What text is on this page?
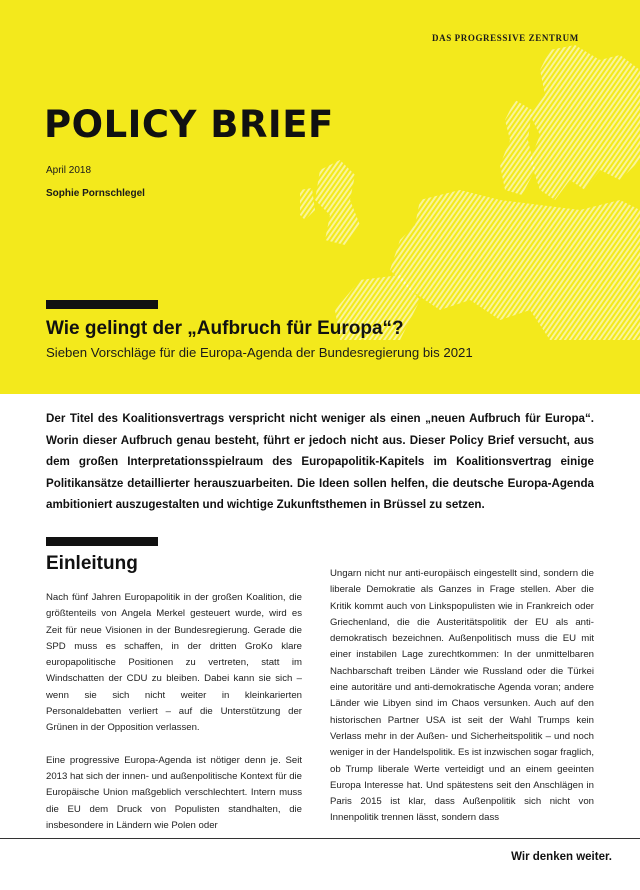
DAS PROGRESSIVE ZENTRUM
POLICY BRIEF
April 2018
Sophie Pornschlegel
Wie gelingt der „Aufbruch für Europa“?
Sieben Vorschläge für die Europa-Agenda der Bundesregierung bis 2021

Der Titel des Koalitionsvertrags verspricht nicht weniger als einen „neuen Aufbruch für Europa“. Worin dieser Aufbruch genau besteht, führt er jedoch nicht aus. Dieser Policy Brief versucht, aus dem großen Interpretationsspielraum des Europapolitik-Kapitels im Koalitionsvertrag einige Politikansätze detaillierter herauszuarbeiten. Die Ideen sollen helfen, die deutsche Europa-Agenda ambitioniert auszugestalten und wichtige Zukunftsthemen in Brüssel zu setzen.

Einleitung

Nach fünf Jahren Europapolitik in der großen Koalition, die größtenteils von Angela Merkel gesteuert wurde, wird es Zeit für neue Visionen in der Bundesregierung. Gerade die SPD muss es schaffen, in der dritten GroKo klare europapolitische Positionen zu vertreten, statt im Windschatten der CDU zu bleiben. Dabei kann sie sich – wenn sie sich nicht weiter in kleinkarierten Personaldebatten verliert – auf die Unterstützung der Grünen in der Opposition verlassen.

Eine progressive Europa-Agenda ist nötiger denn je. Seit 2013 hat sich der innen- und außenpolitische Kontext für die Europäische Union maßgeblich verschlechtert. Intern muss die EU dem Druck von Populisten standhalten, die insbesondere in Ländern wie Polen oder

Ungarn nicht nur anti-europäisch eingestellt sind, sondern die liberale Demokratie als Ganzes in Frage stellen. Aber die Kritik kommt auch von Linkspopulisten wie in Frankreich oder Griechenland, die die Austeritätspolitik der EU als anti-demokratisch bezeichnen. Außenpolitisch muss die EU mit einer instabilen Lage zurechtkommen: In der unmittelbaren Nachbarschaft treiben Länder wie Russland oder die Türkei eine autoritäre und anti-demokratische Agenda voran; andere Länder wie Libyen sind im Chaos versunken. Auch auf den historischen Partner USA ist seit der Wahl Trumps kein Verlass mehr in der Außen- und Sicherheitspolitik – und noch weniger in der Handelspolitik. Es ist inzwischen sogar fraglich, ob Trump liberale Werte verteidigt und an einem geeinten Europa Interesse hat. Und spätestens seit den Anschlägen in Paris 2015 ist klar, dass Außenpolitik sich nicht von Innenpolitik trennen lässt, sondern dass

Wir denken weiter.
